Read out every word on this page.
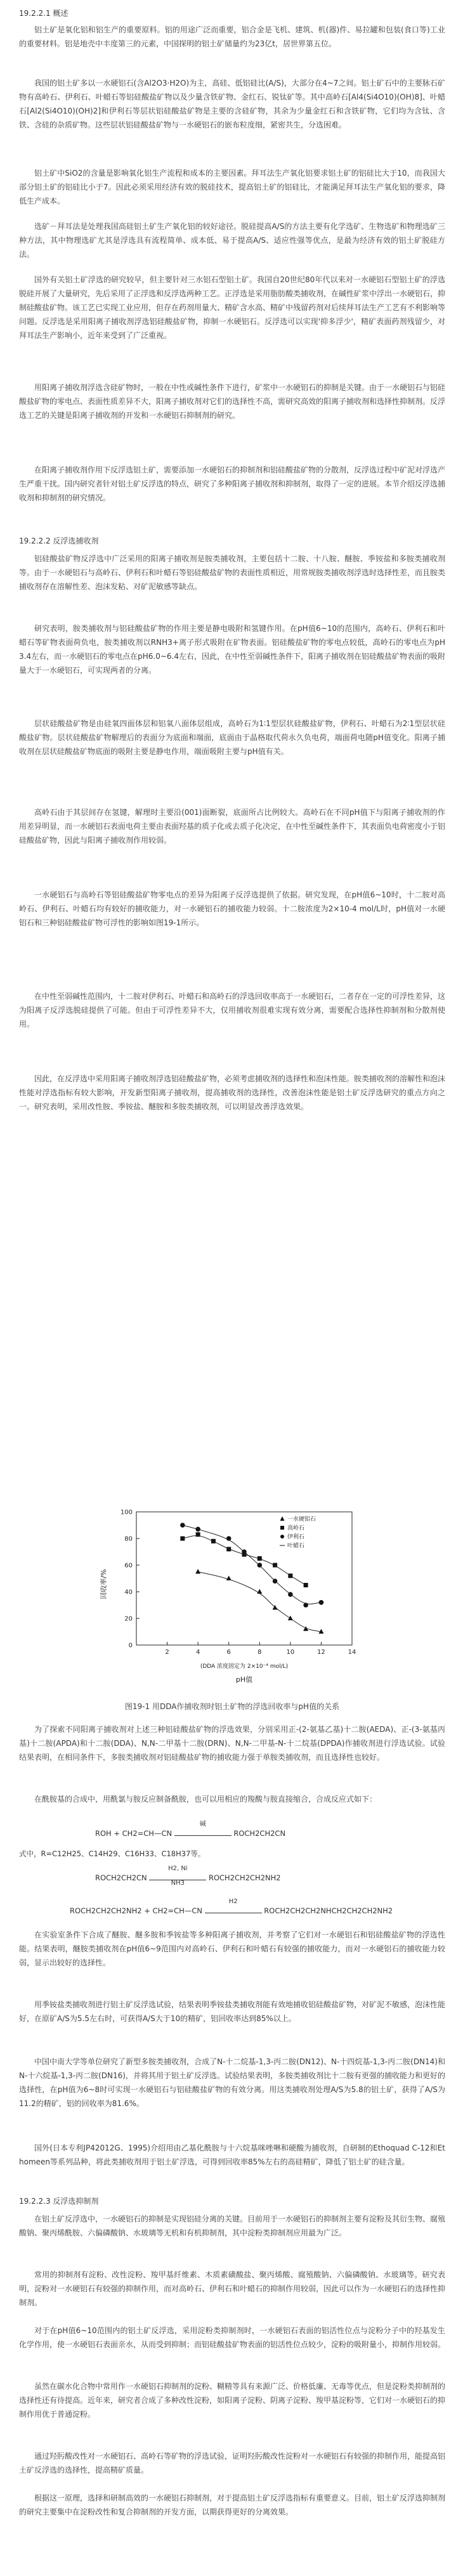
19.2.2.1 概述

铝土矿是氧化铝和铝生产的重要原料。铝的用途广泛而重要，铝合金是飞机、建筑、机(器)件、易拉罐和包装(食口等)工业的重要材料。铝是地壳中丰度第三的元素，中国探明的铝土矿储量约为23亿t，居世界第五位。

我国的铝土矿多以一水硬铝石(含Al2O3·H2O)为主，高硅、低铝硅比(A/S)，大部分在4~7之间。铝土矿石中的主要脉石矿物有高岭石、伊利石、叶蜡石等铝硅酸盐矿物以及少量含铁矿物、金红石、锐钛矿等。其中高岭石[Al4(Si4O10)(OH)8]、叶蜡石[Al2(Si4O10)(OH)2]和伊利石等层状铝硅酸盐矿物是主要的含硅矿物，其余为少量金红石和含铁矿物，它们均为含钛、含铁、含硅的杂质矿物。这些层状铝硅酸盐矿物与一水硬铝石的嵌布粒度细，紧密共生，分选困难。

铝土矿中SiO2的含量是影响氧化铝生产流程和成本的主要因素。拜耳法生产氧化铝要求铝土矿的铝硅比大于10，而我国大部分铝土矿的铝硅比小于7。因此必须采用经济有效的脱硅技术，提高铝土矿的铝硅比，才能满足拜耳法生产氧化铝的要求，降低生产成本。

选矿－拜耳法是处理我国高硅铝土矿生产氧化铝的较好途径。脱硅提高A/S的方法主要有化学选矿、生物选矿和物理选矿三种方法，其中物理选矿尤其是浮选具有流程简单、成本低、易于提高A/S、适应性强等优点，是最为经济有效的铝土矿脱硅方法。

国外有关铝土矿浮选的研究较早，但主要针对三水铝石型铝土矿。我国自20世纪80年代以来对一水硬铝石型铝土矿的浮选脱硅开展了大量研究，先后采用了正浮选和反浮选两种工艺。正浮选是采用脂肪酸类捕收剂，在碱性矿浆中浮出一水硬铝石，抑制硅酸盐矿物。该工艺已实现工业应用，但存在药剂用量大、精矿含水高、精矿中残留药剂对后续拜耳法生产工艺有不利影响等问题。反浮选是采用阳离子捕收剂浮选铝硅酸盐矿物，抑制一水硬铝石。反浮选可以实现'抑多浮少'，精矿表面药剂残留少，对拜耳法生产影响小，近年来受到了广泛重视。

用阳离子捕收剂浮选含硅矿物时，一般在中性或碱性条件下进行，矿浆中一水硬铝石的抑制是关键。由于一水硬铝石与铝硅酸盐矿物的零电点、表面性质差异不大，阳离子捕收剂对它们的选择性不高，需研究高效的阳离子捕收剂和选择性抑制剂。反浮选工艺的关键是阳离子捕收剂的开发和一水硬铝石抑制剂的研究。

在阳离子捕收剂作用下反浮选铝土矿，需要添加一水硬铝石的抑制剂和铝硅酸盐矿物的分散剂，反浮选过程中矿泥对浮选产生严重干扰。国内研究者针对铝土矿反浮选的特点，研究了多种阳离子捕收剂和抑制剂，取得了一定的进展。本节介绍反浮选捕收剂和抑制剂的研究情况。

19.2.2.2 反浮选捕收剂

铝硅酸盐矿物反浮选中广泛采用的阳离子捕收剂是胺类捕收剂，主要包括十二胺、十八胺、醚胺、季铵盐和多胺类捕收剂等。由于一水硬铝石与高岭石、伊利石和叶蜡石等铝硅酸盐矿物的表面性质相近，用常规胺类捕收剂浮选时选择性差，而且胺类捕收剂存在溶解性差、泡沫发粘、对矿泥敏感等缺点。

研究表明，胺类捕收剂与铝硅酸盐矿物的作用主要是静电吸附和氢键作用。在pH值6~10的范围内，高岭石、伊利石和叶蜡石等矿物表面荷负电，胺类捕收剂以RNH3+离子形式吸附在矿物表面。铝硅酸盐矿物的零电点较低，高岭石的零电点为pH3.4左右，而一水硬铝石的零电点在pH6.0~6.4左右，因此，在中性至弱碱性条件下，阳离子捕收剂在铝硅酸盐矿物表面的吸附量大于一水硬铝石，可实现两者的分离。

层状硅酸盐矿物是由硅氧四面体层和铝氧八面体层组成，高岭石为1∶1型层状硅酸盐矿物，伊利石、叶蜡石为2∶1型层状硅酸盐矿物。层状硅酸盐矿物解理后的表面分为底面和端面，底面由于晶格取代荷永久负电荷，端面荷电随pH值变化。阳离子捕收剂在层状硅酸盐矿物底面的吸附主要是静电作用，端面吸附主要与pH值有关。

高岭石由于其层间存在氢键，解理时主要沿(001)面断裂，底面所占比例较大。高岭石在不同pH值下与阳离子捕收剂的作用差异明显，而一水硬铝石表面电荷主要由表面羟基的质子化或去质子化决定，在中性至碱性条件下，其表面负电荷密度小于铝硅酸盐矿物，因此与阳离子捕收剂作用较弱。

一水硬铝石与高岭石等铝硅酸盐矿物零电点的差异为阳离子反浮选提供了依据。研究发现，在pH值6~10时，十二胺对高岭石、伊利石、叶蜡石均有较好的捕收能力，对一水硬铝石的捕收能力较弱。十二胺浓度为2×10-4 mol/L时，pH值对一水硬铝石和三种铝硅酸盐矿物可浮性的影响如图19-1所示。

在中性至弱碱性范围内，十二胺对伊利石、叶蜡石和高岭石的浮选回收率高于一水硬铝石，二者存在一定的可浮性差异，这为阳离子反浮选脱硅提供了可能。但由于可浮性差异不大，仅用捕收剂很难实现有效分离，需要配合选择性抑制剂和分散剂使用。

因此，在反浮选中采用阳离子捕收剂浮选铝硅酸盐矿物，必须考虑捕收剂的选择性和泡沫性能。胺类捕收剂的溶解性和泡沫性能对浮选指标有较大影响，开发新型阳离子捕收剂，提高捕收剂的选择性，改善泡沫性能是铝土矿反浮选研究的重点方向之一。研究表明，采用改性胺、季铵盐、醚胺和多胺类捕收剂，可以明显改善浮选效果。

2	4	6	8	10	12	14
0
20
40
60
80
100
回收率/%
pH值
(DDA 浓度固定为 2×10⁻⁴ mol/L)
一水硬铝石
高岭石
伊利石
叶蜡石

图19-1 用DDA作捕收剂时铝土矿物的浮选回收率与pH值的关系

为了探索不同阳离子捕收剂对上述三种铝硅酸盐矿物的浮选效果，分别采用正-(2-氨基乙基)十二胺(AEDA)、正-(3-氨基丙基)十二胺(APDA)和十二胺(DDA)、N,N-二甲基十二胺(DRN)、N,N-二甲基-N-十二烷基(DPDA)作捕收剂进行浮选试验。试验结果表明，在相同条件下，多胺类捕收剂对铝硅酸盐矿物的捕收能力强于单胺类捕收剂，而且选择性也较好。

在酰胺基的合成中，用酰氯与胺反应制备酰胺，也可以用相应的羧酸与胺直接缩合，合成反应式如下：

ROH + CH2=CH—CN
碱
ROCH2CH2CN

式中，R=C12H25、C14H29、C16H33、C18H37等。

ROCH2CH2CN $\frac{H2, Ni}{NH3}$ ROCH2CH2CH2NH2
ROCH2CH2CH2NH2 + CH2=CH—CN
H2
ROCH2CH2CH2NHCH2CH2CH2NH2

在实验室条件下合成了醚胺、醚多胺和季铵盐等多种阳离子捕收剂，并考察了它们对一水硬铝石和铝硅酸盐矿物的浮选性能。结果表明，醚胺类捕收剂在pH值6~9范围内对高岭石、伊利石和叶蜡石有较强的捕收能力，而对一水硬铝石的捕收能力较弱，显示出较好的选择性。

用季铵盐类捕收剂进行铝土矿反浮选试验，结果表明季铵盐类捕收剂能有效地捕收铝硅酸盐矿物，对矿泥不敏感，泡沫性能好，在原矿A/S为5.5左右时，可获得A/S大于10的精矿，铝回收率达到85%以上。

中国中南大学等单位研究了新型多胺类捕收剂，合成了N-十二烷基-1,3-丙二胺(DN12)、N-十四烷基-1,3-丙二胺(DN14)和N-十六烷基-1,3-丙二胺(DN16)，并将其用于铝土矿反浮选。试验结果表明，多胺类捕收剂比十二胺有更强的捕收能力和更好的选择性，在pH值为6~8时可实现一水硬铝石与铝硅酸盐矿物的有效分离。用这类捕收剂处理A/S为5.8的铝土矿，获得了A/S为11.2的精矿，铝的回收率为81.6%。

国外(日本专利JP42012G、1995)介绍用由乙基化酰胺与十六烷基咪唑啉和硬酸为捕收剂，自研制的Ethoquad C-12和Ethomeen等系列品种，将此类捕收剂用于铝土矿浮选，可得到回收率85%左右的高硅精矿，降低了铝土矿的硅含量。

19.2.2.3 反浮选抑制剂

在铝土矿反浮选中，一水硬铝石的抑制是实现铝硅分离的关键。目前用于一水硬铝石的抑制剂主要有淀粉及其衍生物、腐殖酸钠、聚丙烯酰胺、六偏磷酸钠、水玻璃等无机和有机抑制剂，其中淀粉类抑制剂应用最为广泛。

常用的抑制剂有淀粉、改性淀粉、羧甲基纤维素、木质素磺酸盐、聚丙烯酸、腐殖酸钠、六偏磷酸钠、水玻璃等。研究表明，淀粉对一水硬铝石有较强的抑制作用，而对高岭石、伊利石和叶蜡石的抑制作用较弱，因此可以作为一水硬铝石的选择性抑制剂。

对于在pH值6~10范围内的铝土矿反浮选，采用淀粉类抑制剂时，一水硬铝石表面的铝活性位点与淀粉分子中的羟基发生化学作用，使一水硬铝石表面亲水，从而受到抑制；而铝硅酸盐矿物表面的铝活性位点较少，淀粉的吸附量小，抑制作用较弱。

虽然在碳水化合物中常用作一水硬铝石抑制剂的淀粉、糊精等具有来源广泛、价格低廉、无毒等优点，但是淀粉类抑制剂的选择性还有待提高。近年来，研究者合成了多种改性淀粉，如阳离子淀粉、阴离子淀粉、羧甲基淀粉等，它们对一水硬铝石的抑制作用优于普通淀粉。

通过羟肟酸改性对一水硬铝石、高岭石等矿物的浮选试验，证明羟肟酸改性淀粉对一水硬铝石有较强的抑制作用，能提高铝土矿反浮选的选择性，提高精矿质量。

根据这一原理，选择和研制高效的一水硬铝石抑制剂，对于提高铝土矿反浮选指标有重要意义。目前，铝土矿反浮选抑制剂的研究主要集中在淀粉改性和复合抑制剂的开发方面，以期获得更好的分离效果。
